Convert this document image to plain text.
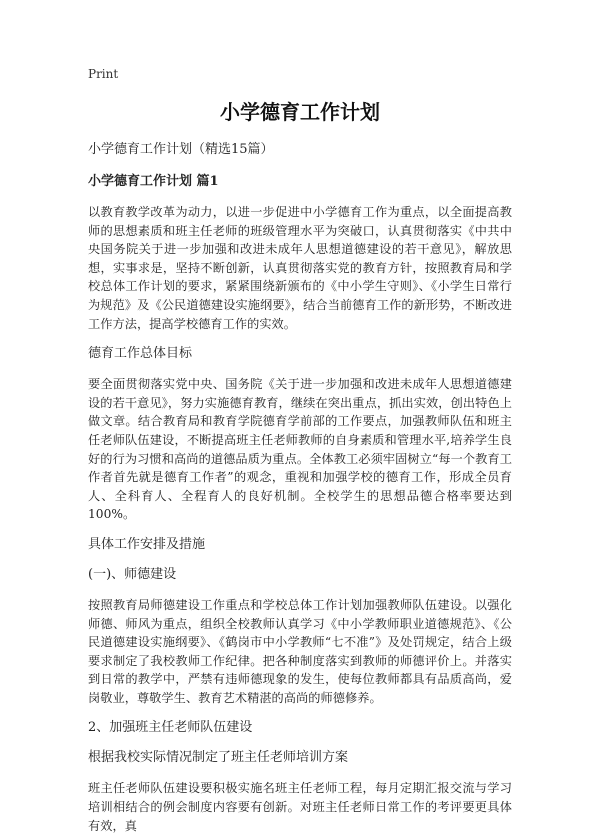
Print
小学德育工作计划
小学德育工作计划（精选15篇）
小学德育工作计划 篇1

以教育教学改革为动力，以进一步促进中小学德育工作为重点，以全面提高教师的思想素质和班主任老师的班级管理水平为突破口，认真贯彻落实《中共中央国务院关于进一步加强和改进未成年人思想道德建设的若干意见》，解放思想，实事求是，坚持不断创新，认真贯彻落实党的教育方针，按照教育局和学校总体工作计划的要求，紧紧围绕新颁布的《中小学生守则》、《小学生日常行为规范》及《公民道德建设实施纲要》，结合当前德育工作的新形势，不断改进工作方法，提高学校德育工作的实效。

德育工作总体目标

要全面贯彻落实党中央、国务院《关于进一步加强和改进未成年人思想道德建设的若干意见》，努力实施德育教育，继续在突出重点，抓出实效，创出特色上做文章。结合教育局和教育学院德育学前部的工作要点，加强教师队伍和班主任老师队伍建设，不断提高班主任老师教师的自身素质和管理水平,培养学生良好的行为习惯和高尚的道德品质为重点。全体教工必须牢固树立“每一个教育工作者首先就是德育工作者”的观念，重视和加强学校的德育工作，形成全员育人、全科育人、全程育人的良好机制。全校学生的思想品德合格率要达到100%。

具体工作安排及措施
(一)、师德建设

按照教育局师德建设工作重点和学校总体工作计划加强教师队伍建设。以强化师德、师风为重点，组织全校教师认真学习《中小学教师职业道德规范》、《公民道德建设实施纲要》、《鹤岗市中小学教师“七不准”》及处罚规定，结合上级要求制定了我校教师工作纪律。把各种制度落实到教师的师德评价上。并落实到日常的教学中，严禁有违师德现象的发生，使每位教师都具有品质高尚，爱岗敬业，尊敬学生、教育艺术精湛的高尚的师德修养。

2、加强班主任老师队伍建设
根据我校实际情况制定了班主任老师培训方案

班主任老师队伍建设要积极实施名班主任老师工程，每月定期汇报交流与学习培训相结合的例会制度内容要有创新。对班主任老师日常工作的考评要更具体有效，真
